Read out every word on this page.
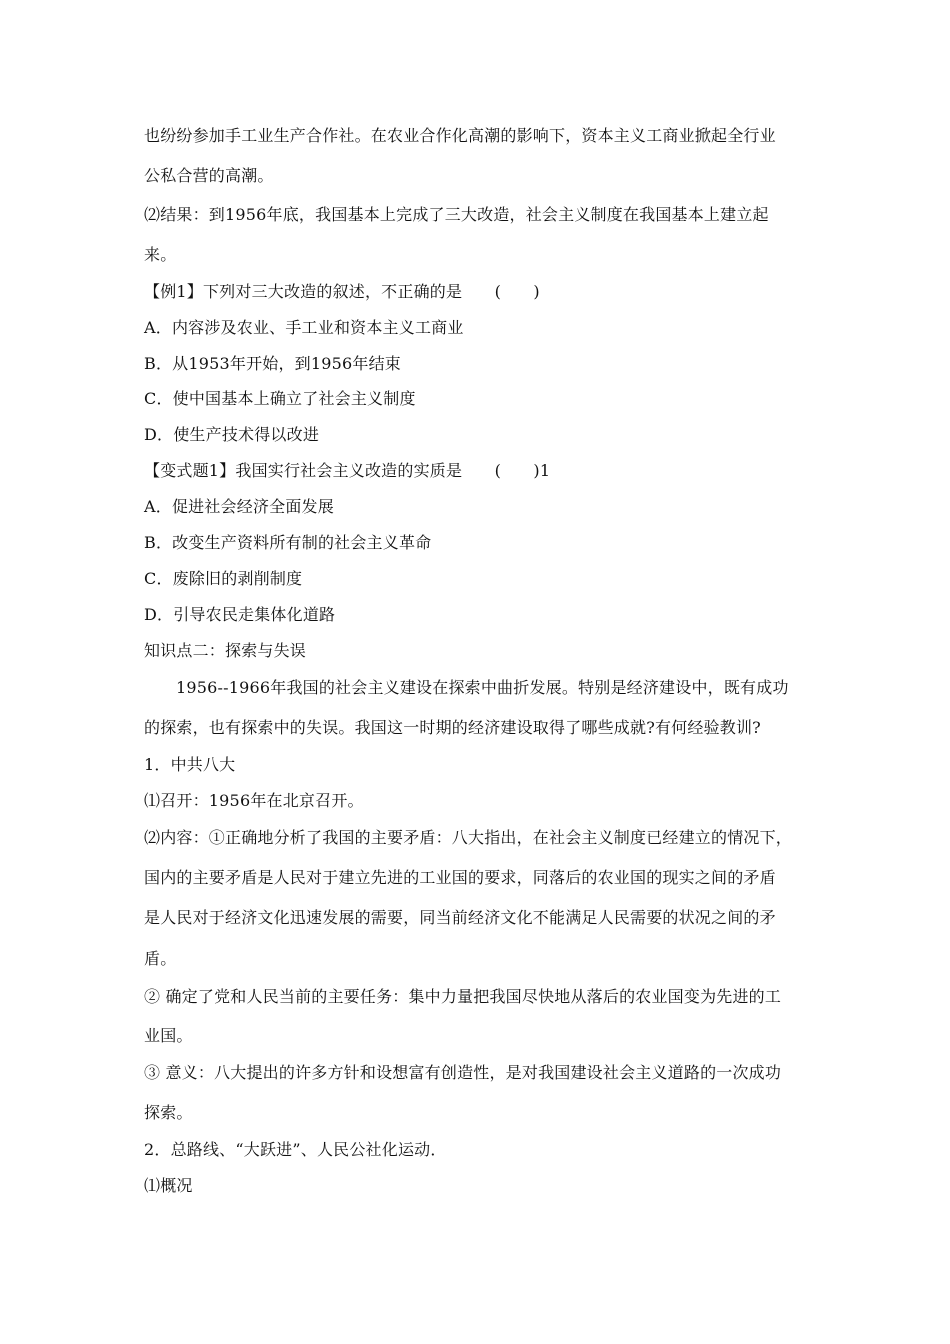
也纷纷参加手工业生产合作社。在农业合作化高潮的影响下，资本主义工商业掀起全行业
公私合营的高潮。
⑵结果：到1956年底，我国基本上完成了三大改造，社会主义制度在我国基本上建立起
来。
【例1】下列对三大改造的叙述，不正确的是　　(　　)
A．内容涉及农业、手工业和资本主义工商业
B．从1953年开始，到1956年结束
C．使中国基本上确立了社会主义制度
D．使生产技术得以改进
【变式题1】我国实行社会主义改造的实质是　　(　　)1
A．促进社会经济全面发展
B．改变生产资料所有制的社会主义革命
C．废除旧的剥削制度
D．引导农民走集体化道路
知识点二：探索与失误
1956--1966年我国的社会主义建设在探索中曲折发展。特别是经济建设中，既有成功
的探索，也有探索中的失误。我国这一时期的经济建设取得了哪些成就?有何经验教训?
1．中共八大
⑴召开：1956年在北京召开。
⑵内容：①正确地分析了我国的主要矛盾：八大指出，在社会主义制度已经建立的情况下，
国内的主要矛盾是人民对于建立先进的工业国的要求，同落后的农业国的现实之间的矛盾
是人民对于经济文化迅速发展的需要，同当前经济文化不能满足人民需要的状况之间的矛
盾。
② 确定了党和人民当前的主要任务：集中力量把我国尽快地从落后的农业国变为先进的工
业国。
③ 意义：八大提出的许多方针和设想富有创造性，是对我国建设社会主义道路的一次成功
探索。
2．总路线、“大跃进”、人民公社化运动．
⑴概况
